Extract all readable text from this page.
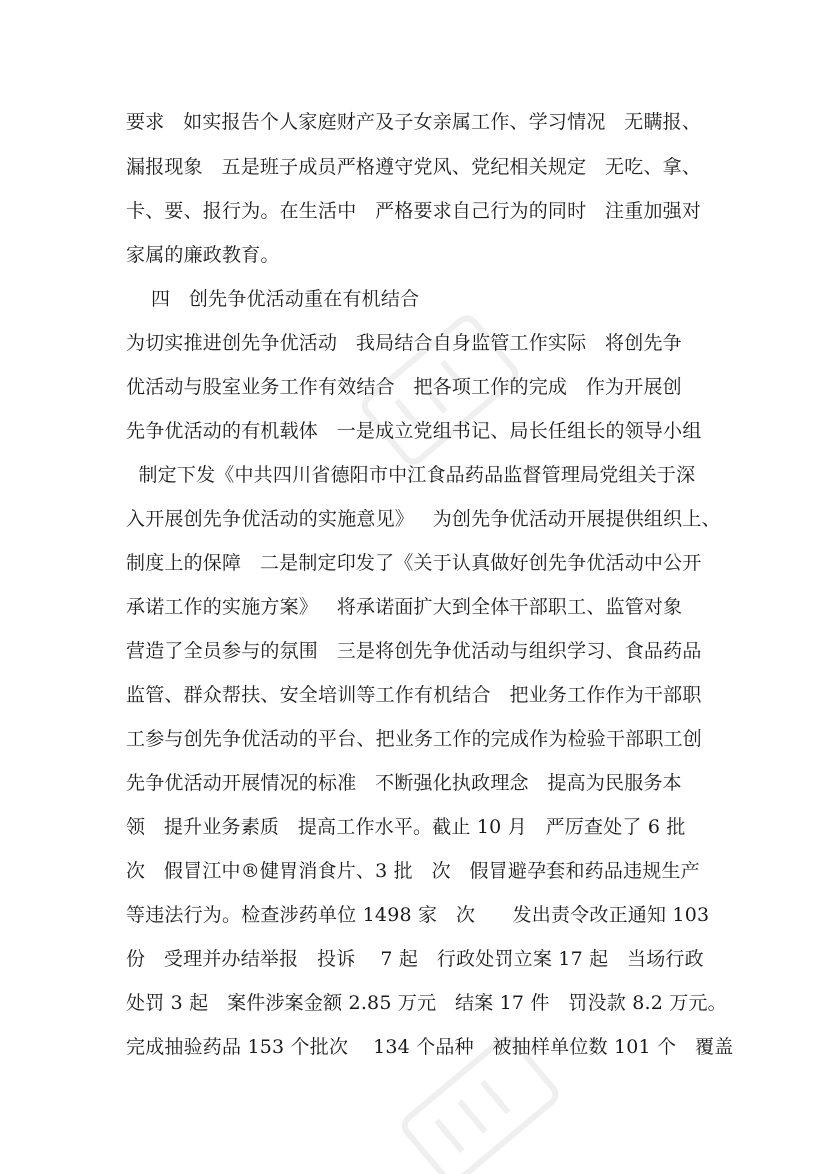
要求   如实报告个人家庭财产及子女亲属工作、学习情况   无瞒报、
漏报现象   五是班子成员严格遵守党风、党纪相关规定   无吃、拿、
卡、要、报行为。在生活中   严格要求自己行为的同时   注重加强对
家属的廉政教育。
四   创先争优活动重在有机结合
为切实推进创先争优活动   我局结合自身监管工作实际   将创先争
优活动与股室业务工作有效结合   把各项工作的完成   作为开展创
先争优活动的有机载体   一是成立党组书记、局长任组长的领导小组
制定下发《中共四川省德阳市中江食品药品监督管理局党组关于深
入开展创先争优活动的实施意见》   为创先争优活动开展提供组织上、
制度上的保障   二是制定印发了《关于认真做好创先争优活动中公开
承诺工作的实施方案》   将承诺面扩大到全体干部职工、监管对象
营造了全员参与的氛围   三是将创先争优活动与组织学习、食品药品
监管、群众帮扶、安全培训等工作有机结合   把业务工作作为干部职
工参与创先争优活动的平台、把业务工作的完成作为检验干部职工创
先争优活动开展情况的标准   不断强化执政理念   提高为民服务本
领   提升业务素质   提高工作水平。截止 10 月   严厉查处了 6 批
次   假冒江中®健胃消食片、3 批   次   假冒避孕套和药品违规生产
等违法行为。检查涉药单位 1498 家   次      发出责令改正通知 103
份   受理并办结举报   投诉    7 起   行政处罚立案 17 起   当场行政
处罚 3 起   案件涉案金额 2.85 万元   结案 17 件   罚没款 8.2 万元。
完成抽验药品 153 个批次    134 个品种   被抽样单位数 101 个   覆盖
